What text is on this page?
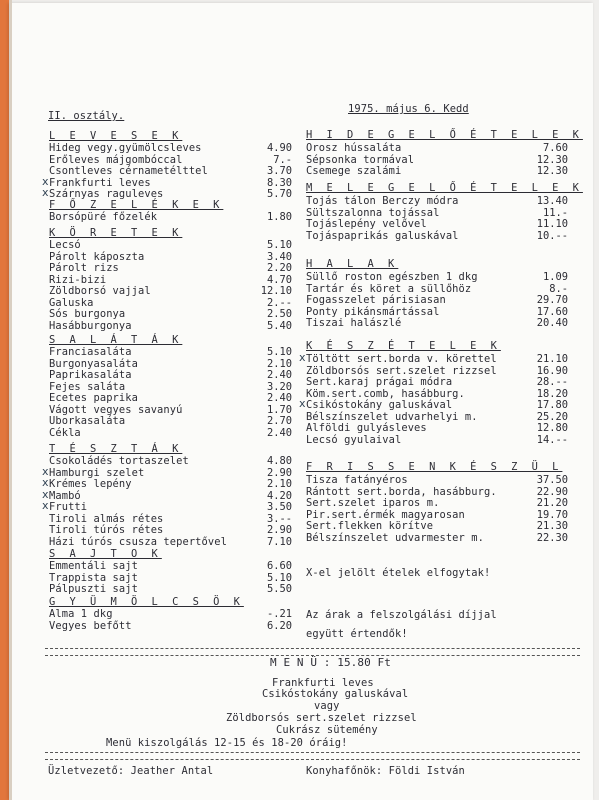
II. osztály.
1975. május 6. Kedd
L E V E S E K
Hideg vegy.gyümölcsleves	4.90
Erőleves májgombóccal	7.-
Csontleves cérnametélttel	3.70
Frankfurti leves	8.30
x
Szárnyas raguleves	5.70
x
F Ő Z E L É K E K
Borsópüré főzelék	1.80
K Ö R E T E K
Lecsó	5.10
Párolt káposzta	3.40
Párolt rizs	2.20
Rizi-bizi	4.70
Zöldborsó vajjal	12.10
Galuska	2.--
Sós burgonya	2.50
Hasábburgonya	5.40
S A L Á T Á K
Franciasaláta	5.10
Burgonyasaláta	2.10
Paprikasaláta	2.40
Fejes saláta	3.20
Ecetes paprika	2.40
Vágott vegyes savanyú	1.70
Uborkasaláta	2.70
Cékla	2.40
T É S Z T Á K
Csokoládés tortaszelet	4.80
Hamburgi szelet	2.90
x
Krémes lepény	2.10
x
Mambó	4.20
x
Frutti	3.50
x
Tiroli almás rétes	3.--
Tiroli túrós rétes	2.90
Házi túrós csusza tepertővel	7.10
S A J T O K
Emmentáli sajt	6.60
Trappista sajt	5.10
Pálpuszti sajt	5.50
G Y Ü M Ö L C S Ö K
Alma 1 dkg	-.21
Vegyes befőtt	6.20
H I D E G E L Ő É T E L E K
Orosz hússaláta	7.60
Sépsonka tormával	12.30
Csemege szalámi	12.30
M E L E G E L Ő É T E L E K
Tojás tálon Berczy módra	13.40
Sültszalonna tojással	11.-
Tojáslepény velővel	11.10
Tojáspaprikás galuskával	10.--
H A L A K
Süllő roston egészben 1 dkg	1.09
Tartár és köret a süllőhöz	8.-
Fogasszelet párisiasan	29.70
Ponty pikánsmártással	17.60
Tiszai halászlé	20.40
K É S Z É T E L E K
Töltött sert.borda v. körettel	21.10
x
Zöldborsós sert.szelet rizzsel	16.90
Sert.karaj prágai módra	28.--
Köm.sert.comb, hasábburg.	18.20
Csikóstokány galuskával	17.80
x
Bélszínszelet udvarhelyi m.	25.20
Alföldi gulyásleves	12.80
Lecsó gyulaival	14.--
F R I S S E N K É S Z Ü L
Tisza fatányéros	37.50
Rántott sert.borda, hasábburg.	22.90
Sert.szelet iparos m.	21.20
Pir.sert.érmék magyarosan	19.70
Sert.flekken körítve	21.30
Bélszínszelet udvarmester m.	22.30
X-el jelölt ételek elfogytak!
Az árak a felszolgálási díjjal
együtt értendők!
M E N Ü : 15.80 Ft
Frankfurti leves
Csikóstokány galuskával
vagy
Zöldborsós sert.szelet rizzsel
Cukrász sütemény
Menü kiszolgálás 12-15 és 18-20 óráig!
Üzletvezető: Jeather Antal	Konyhafőnök: Földi István
